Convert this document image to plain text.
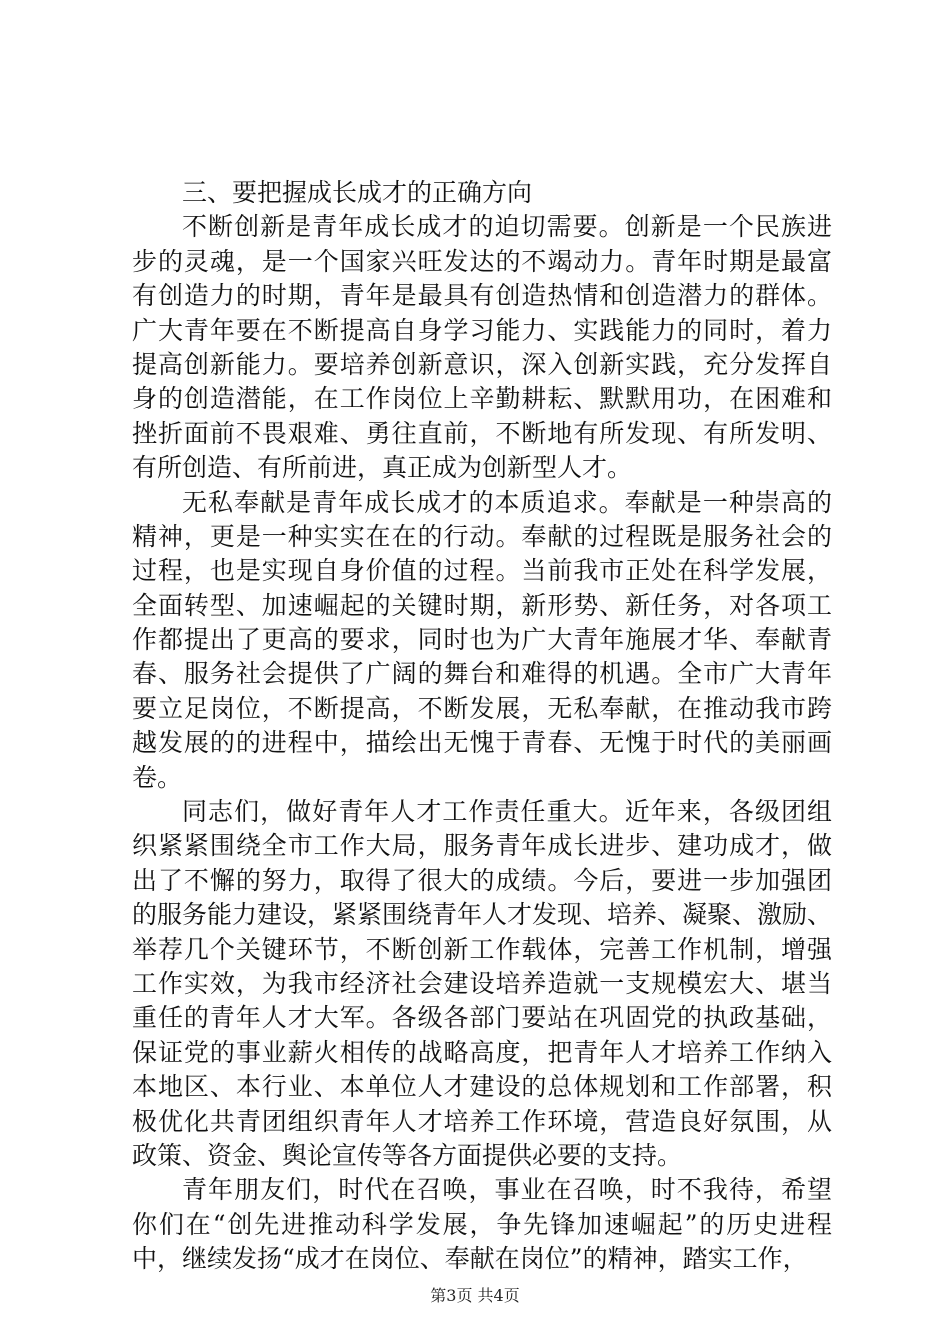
三、要把握成长成才的正确方向
不断创新是青年成长成才的迫切需要。创新是一个民族进
步的灵魂，是一个国家兴旺发达的不竭动力。青年时期是最富
有创造力的时期，青年是最具有创造热情和创造潜力的群体。
广大青年要在不断提高自身学习能力、实践能力的同时，着力
提高创新能力。要培养创新意识，深入创新实践，充分发挥自
身的创造潜能，在工作岗位上辛勤耕耘、默默用功，在困难和
挫折面前不畏艰难、勇往直前，不断地有所发现、有所发明、
有所创造、有所前进，真正成为创新型人才。
无私奉献是青年成长成才的本质追求。奉献是一种崇高的
精神，更是一种实实在在的行动。奉献的过程既是服务社会的
过程，也是实现自身价值的过程。当前我市正处在科学发展，
全面转型、加速崛起的关键时期，新形势、新任务，对各项工
作都提出了更高的要求，同时也为广大青年施展才华、奉献青
春、服务社会提供了广阔的舞台和难得的机遇。全市广大青年
要立足岗位，不断提高，不断发展，无私奉献，在推动我市跨
越发展的的进程中，描绘出无愧于青春、无愧于时代的美丽画
卷。
同志们，做好青年人才工作责任重大。近年来，各级团组
织紧紧围绕全市工作大局，服务青年成长进步、建功成才，做
出了不懈的努力，取得了很大的成绩。今后，要进一步加强团
的服务能力建设，紧紧围绕青年人才发现、培养、凝聚、激励、
举荐几个关键环节，不断创新工作载体，完善工作机制，增强
工作实效，为我市经济社会建设培养造就一支规模宏大、堪当
重任的青年人才大军。各级各部门要站在巩固党的执政基础，
保证党的事业薪火相传的战略高度，把青年人才培养工作纳入
本地区、本行业、本单位人才建设的总体规划和工作部署，积
极优化共青团组织青年人才培养工作环境，营造良好氛围，从
政策、资金、舆论宣传等各方面提供必要的支持。
青年朋友们，时代在召唤，事业在召唤，时不我待，希望
你们在“创先进推动科学发展，争先锋加速崛起”的历史进程
中，继续发扬“成才在岗位、奉献在岗位”的精神，踏实工作，
第3页 共4页
